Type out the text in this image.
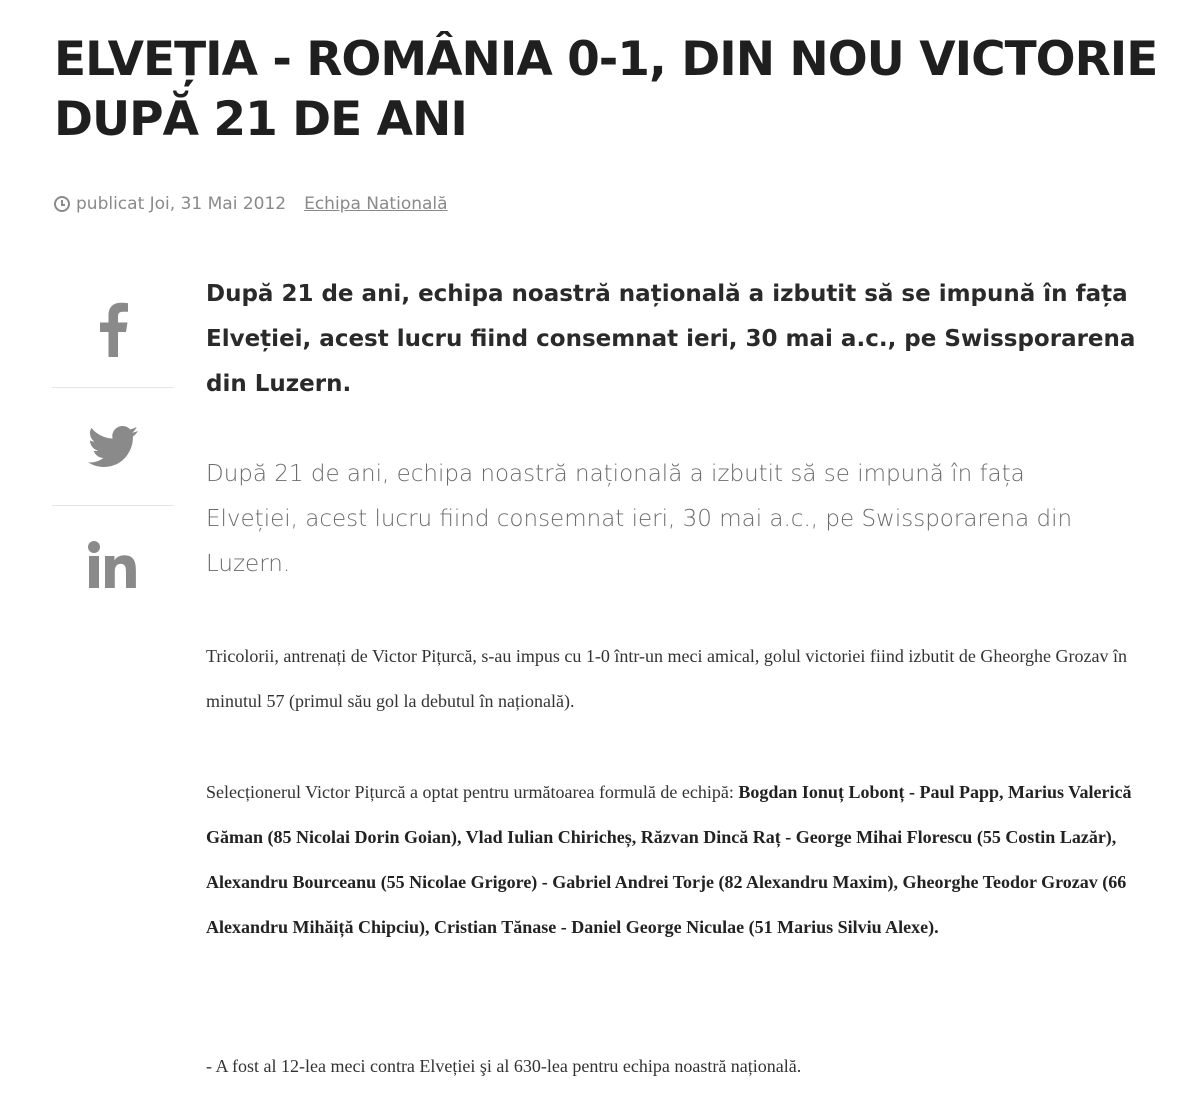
ELVEȚIA - ROMÂNIA 0-1, DIN NOU VICTORIE DUPĂ 21 DE ANI
publicat Joi, 31 Mai 2012 Echipa Natională

După 21 de ani, echipa noastră națională a izbutit să se impună în fața Elveției, acest lucru fiind consemnat ieri, 30 mai a.c., pe Swissporarena din Luzern.

După 21 de ani, echipa noastră națională a izbutit să se impună în fața Elveției, acest lucru fiind consemnat ieri, 30 mai a.c., pe Swissporarena din Luzern.

Tricolorii, antrenați de Victor Pițurcă, s-au impus cu 1-0 într-un meci amical, golul victoriei fiind izbutit de Gheorghe Grozav în minutul 57 (primul său gol la debutul în națională).

Selecționerul Victor Pițurcă a optat pentru următoarea formulă de echipă: Bogdan Ionuț Lobonț - Paul Papp, Marius Valerică Găman (85 Nicolai Dorin Goian), Vlad Iulian Chiricheș, Răzvan Dincă Raț - George Mihai Florescu (55 Costin Lazăr), Alexandru Bourceanu (55 Nicolae Grigore) - Gabriel Andrei Torje (82 Alexandru Maxim), Gheorghe Teodor Grozav (66 Alexandru Mihăiță Chipciu), Cristian Tănase - Daniel George Niculae (51 Marius Silviu Alexe).

- A fost al 12-lea meci contra Elveției şi al 630-lea pentru echipa noastră națională.
